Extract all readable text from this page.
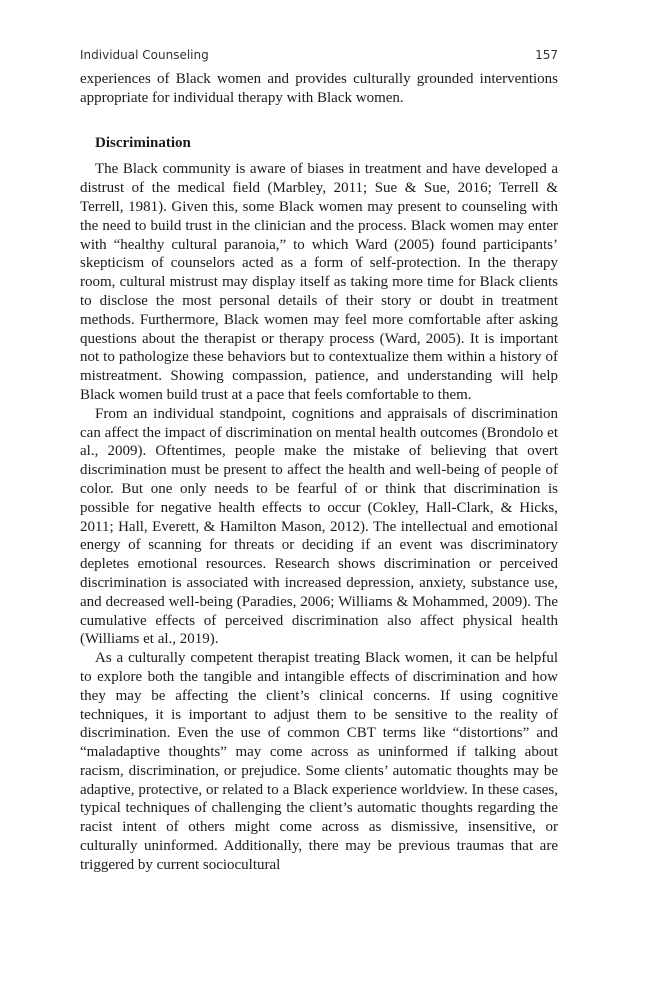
Individual Counseling	157

experiences of Black women and provides culturally grounded interventions appropriate for individual therapy with Black women.

Discrimination

The Black community is aware of biases in treatment and have developed a distrust of the medical field (Marbley, 2011; Sue & Sue, 2016; Terrell & Terrell, 1981). Given this, some Black women may present to counseling with the need to build trust in the clinician and the process. Black women may enter with “healthy cultural paranoia,” to which Ward (2005) found participants’ skepticism of counselors acted as a form of self-protection. In the therapy room, cultural mistrust may display itself as taking more time for Black clients to disclose the most personal details of their story or doubt in treatment methods. Furthermore, Black women may feel more comfortable after asking questions about the therapist or therapy process (Ward, 2005). It is important not to pathologize these behaviors but to contextualize them within a history of mistreatment. Showing compassion, patience, and understanding will help Black women build trust at a pace that feels comfortable to them.

From an individual standpoint, cognitions and appraisals of discrimination can affect the impact of discrimination on mental health outcomes (Brondolo et al., 2009). Oftentimes, people make the mistake of believing that overt discrimination must be present to affect the health and well-being of people of color. But one only needs to be fearful of or think that discrimination is possible for negative health effects to occur (Cokley, Hall-Clark, & Hicks, 2011; Hall, Everett, & Hamilton Mason, 2012). The intellectual and emotional energy of scanning for threats or deciding if an event was discriminatory depletes emotional resources. Research shows discrimination or perceived discrimination is associated with increased depression, anxiety, substance use, and decreased well-being (Paradies, 2006; Williams & Mohammed, 2009). The cumulative effects of perceived discrimination also affect physical health (Williams et al., 2019).

As a culturally competent therapist treating Black women, it can be helpful to explore both the tangible and intangible effects of discrimination and how they may be affecting the client’s clinical concerns. If using cognitive techniques, it is important to adjust them to be sensitive to the reality of discrimination. Even the use of common CBT terms like “distortions” and “maladaptive thoughts” may come across as uninformed if talking about racism, discrimination, or prejudice. Some clients’ automatic thoughts may be adaptive, protective, or related to a Black experience worldview. In these cases, typical techniques of challenging the client’s automatic thoughts regarding the racist intent of others might come across as dismissive, insensitive, or culturally uninformed. Additionally, there may be previous traumas that are triggered by current sociocultural
